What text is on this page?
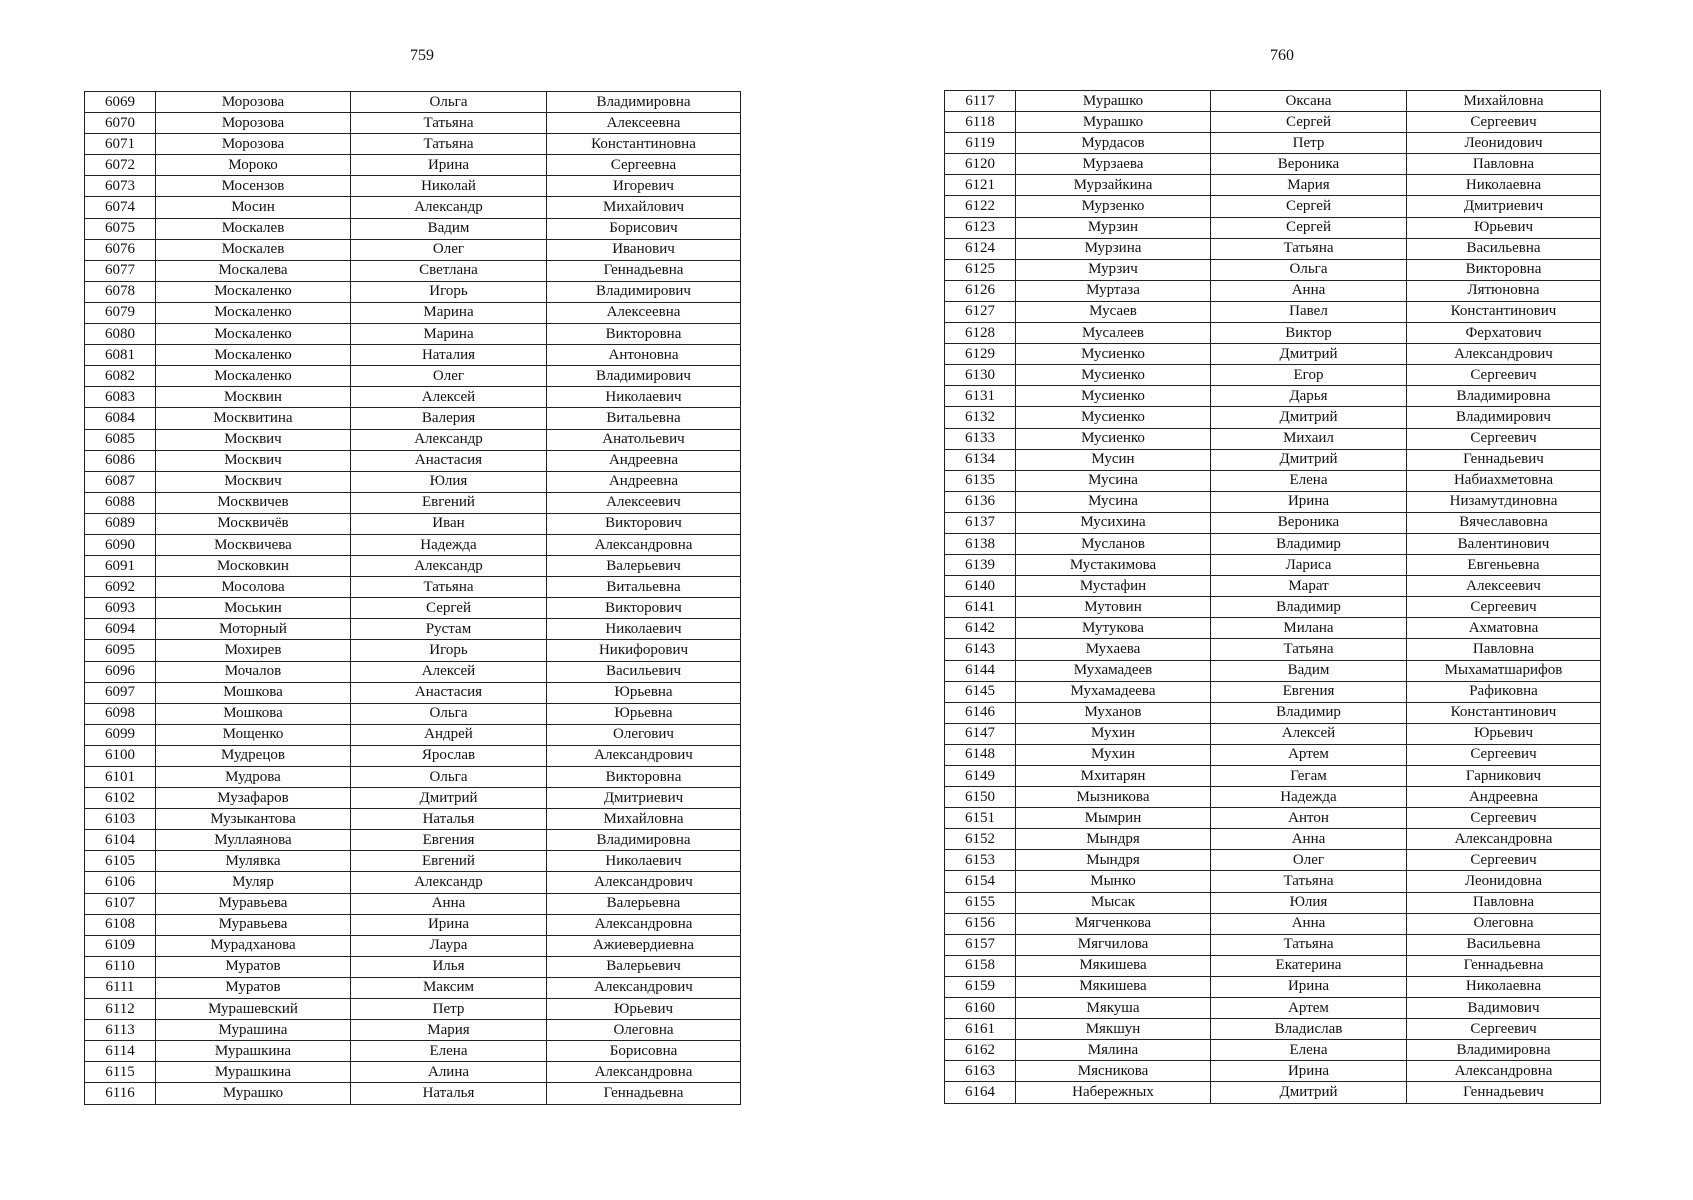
759	760
6069	Морозова	Ольга	Владимировна
6070	Морозова	Татьяна	Алексеевна
6071	Морозова	Татьяна	Константиновна
6072	Мороко	Ирина	Сергеевна
6073	Мосензов	Николай	Игоревич
6074	Мосин	Александр	Михайлович
6075	Москалев	Вадим	Борисович
6076	Москалев	Олег	Иванович
6077	Москалева	Светлана	Геннадьевна
6078	Москаленко	Игорь	Владимирович
6079	Москаленко	Марина	Алексеевна
6080	Москаленко	Марина	Викторовна
6081	Москаленко	Наталия	Антоновна
6082	Москаленко	Олег	Владимирович
6083	Москвин	Алексей	Николаевич
6084	Москвитина	Валерия	Витальевна
6085	Москвич	Александр	Анатольевич
6086	Москвич	Анастасия	Андреевна
6087	Москвич	Юлия	Андреевна
6088	Москвичев	Евгений	Алексеевич
6089	Москвичёв	Иван	Викторович
6090	Москвичева	Надежда	Александровна
6091	Московкин	Александр	Валерьевич
6092	Мосолова	Татьяна	Витальевна
6093	Моськин	Сергей	Викторович
6094	Моторный	Рустам	Николаевич
6095	Мохирев	Игорь	Никифорович
6096	Мочалов	Алексей	Васильевич
6097	Мошкова	Анастасия	Юрьевна
6098	Мошкова	Ольга	Юрьевна
6099	Мощенко	Андрей	Олегович
6100	Мудрецов	Ярослав	Александрович
6101	Мудрова	Ольга	Викторовна
6102	Музафаров	Дмитрий	Дмитриевич
6103	Музыкантова	Наталья	Михайловна
6104	Муллаянова	Евгения	Владимировна
6105	Мулявка	Евгений	Николаевич
6106	Муляр	Александр	Александрович
6107	Муравьева	Анна	Валерьевна
6108	Муравьева	Ирина	Александровна
6109	Мурадханова	Лаура	Ажиевердиевна
6110	Муратов	Илья	Валерьевич
6111	Муратов	Максим	Александрович
6112	Мурашевский	Петр	Юрьевич
6113	Мурашина	Мария	Олеговна
6114	Мурашкина	Елена	Борисовна
6115	Мурашкина	Алина	Александровна
6116	Мурашко	Наталья	Геннадьевна
6117	Мурашко	Оксана	Михайловна
6118	Мурашко	Сергей	Сергеевич
6119	Мурдасов	Петр	Леонидович
6120	Мурзаева	Вероника	Павловна
6121	Мурзайкина	Мария	Николаевна
6122	Мурзенко	Сергей	Дмитриевич
6123	Мурзин	Сергей	Юрьевич
6124	Мурзина	Татьяна	Васильевна
6125	Мурзич	Ольга	Викторовна
6126	Муртаза	Анна	Лятюновна
6127	Мусаев	Павел	Константинович
6128	Мусалеев	Виктор	Ферхатович
6129	Мусиенко	Дмитрий	Александрович
6130	Мусиенко	Егор	Сергеевич
6131	Мусиенко	Дарья	Владимировна
6132	Мусиенко	Дмитрий	Владимирович
6133	Мусиенко	Михаил	Сергеевич
6134	Мусин	Дмитрий	Геннадьевич
6135	Мусина	Елена	Набиахметовна
6136	Мусина	Ирина	Низамутдиновна
6137	Мусихина	Вероника	Вячеславовна
6138	Мусланов	Владимир	Валентинович
6139	Мустакимова	Лариса	Евгеньевна
6140	Мустафин	Марат	Алексеевич
6141	Мутовин	Владимир	Сергеевич
6142	Мутукова	Милана	Ахматовна
6143	Мухаева	Татьяна	Павловна
6144	Мухамадеев	Вадим	Мыхаматшарифов
6145	Мухамадеева	Евгения	Рафиковна
6146	Муханов	Владимир	Константинович
6147	Мухин	Алексей	Юрьевич
6148	Мухин	Артем	Сергеевич
6149	Мхитарян	Гегам	Гарникович
6150	Мызникова	Надежда	Андреевна
6151	Мымрин	Антон	Сергеевич
6152	Мындря	Анна	Александровна
6153	Мындря	Олег	Сергеевич
6154	Мынко	Татьяна	Леонидовна
6155	Мысак	Юлия	Павловна
6156	Мягченкова	Анна	Олеговна
6157	Мягчилова	Татьяна	Васильевна
6158	Мякишева	Екатерина	Геннадьевна
6159	Мякишева	Ирина	Николаевна
6160	Мякуша	Артем	Вадимович
6161	Мякшун	Владислав	Сергеевич
6162	Мялина	Елена	Владимировна
6163	Мясникова	Ирина	Александровна
6164	Набережных	Дмитрий	Геннадьевич
